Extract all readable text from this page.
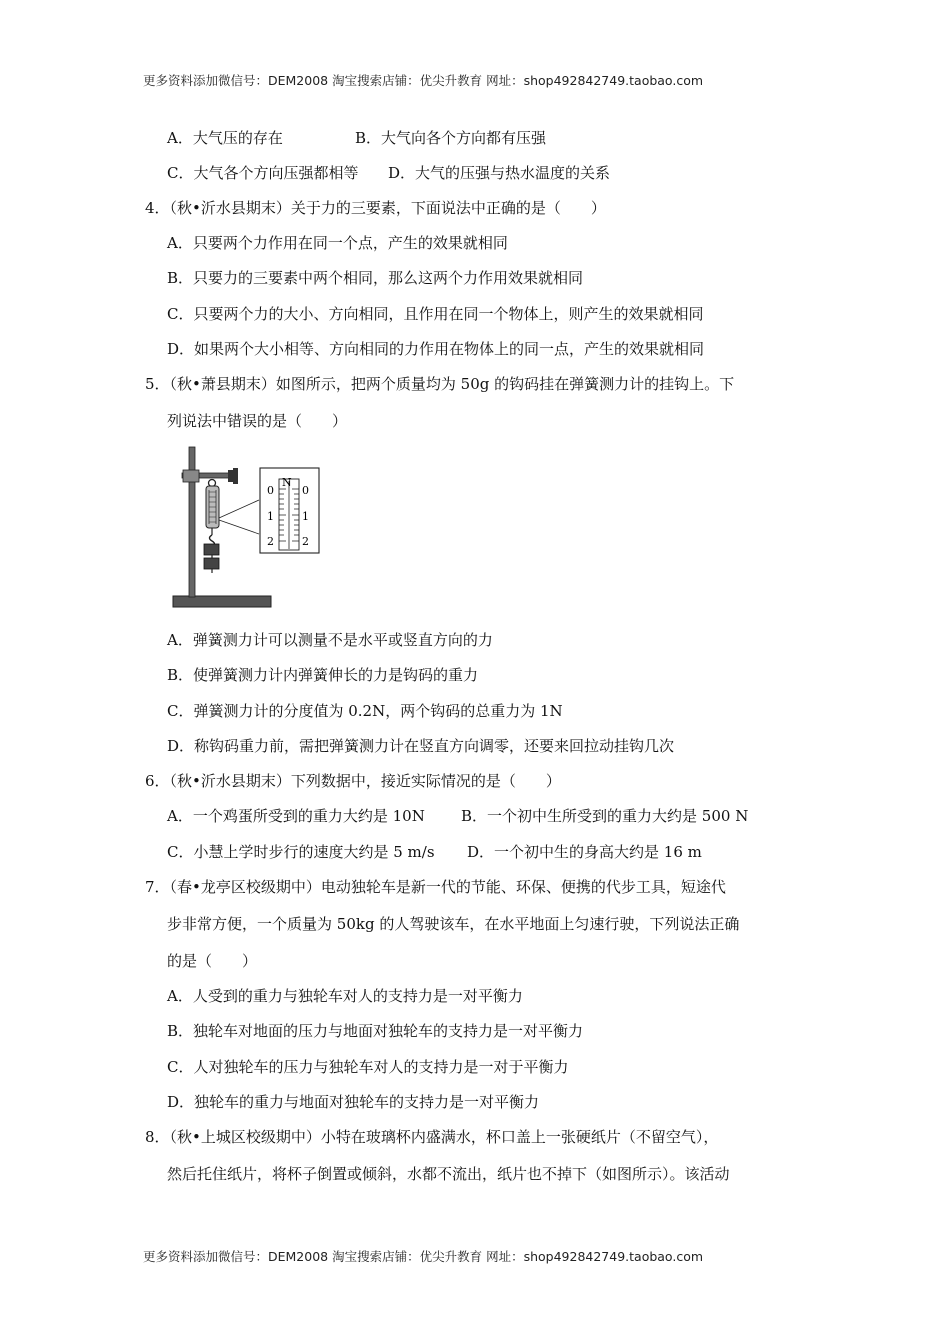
更多资料添加微信号：DEM2008 淘宝搜索店铺：优尖升教育 网址：shop492842749.taobao.com
A．大气压的存在	B．大气向各个方向都有压强
C．大气各个方向压强都相等 D．大气的压强与热水温度的关系
4．（秋•沂水县期末）关于力的三要素，下面说法中正确的是（　　）
A．只要两个力作用在同一个点，产生的效果就相同
B．只要力的三要素中两个相同，那么这两个力作用效果就相同
C．只要两个力的大小、方向相同，且作用在同一个物体上，则产生的效果就相同
D．如果两个大小相等、方向相同的力作用在物体上的同一点，产生的效果就相同
5．（秋•萧县期末）如图所示，把两个质量均为 50g 的钩码挂在弹簧测力计的挂钩上。下
列说法中错误的是（　　）
N
0
1
2
0
1
2
A．弹簧测力计可以测量不是水平或竖直方向的力
B．使弹簧测力计内弹簧伸长的力是钩码的重力
C．弹簧测力计的分度值为 0.2N，两个钩码的总重力为 1N
D．称钩码重力前，需把弹簧测力计在竖直方向调零，还要来回拉动挂钩几次
6．（秋•沂水县期末）下列数据中，接近实际情况的是（　　）
A．一个鸡蛋所受到的重力大约是 10N B．一个初中生所受到的重力大约是 500 N
C．小慧上学时步行的速度大约是 5 m/s D．一个初中生的身高大约是 16 m
7．（春•龙亭区校级期中）电动独轮车是新一代的节能、环保、便携的代步工具，短途代
步非常方便，一个质量为 50kg 的人驾驶该车，在水平地面上匀速行驶，下列说法正确
的是（　　）
A．人受到的重力与独轮车对人的支持力是一对平衡力
B．独轮车对地面的压力与地面对独轮车的支持力是一对平衡力
C．人对独轮车的压力与独轮车对人的支持力是一对于平衡力
D．独轮车的重力与地面对独轮车的支持力是一对平衡力
8．（秋•上城区校级期中）小特在玻璃杯内盛满水，杯口盖上一张硬纸片（不留空气），
然后托住纸片，将杯子倒置或倾斜，水都不流出，纸片也不掉下（如图所示）。该活动
更多资料添加微信号：DEM2008 淘宝搜索店铺：优尖升教育 网址：shop492842749.taobao.com
